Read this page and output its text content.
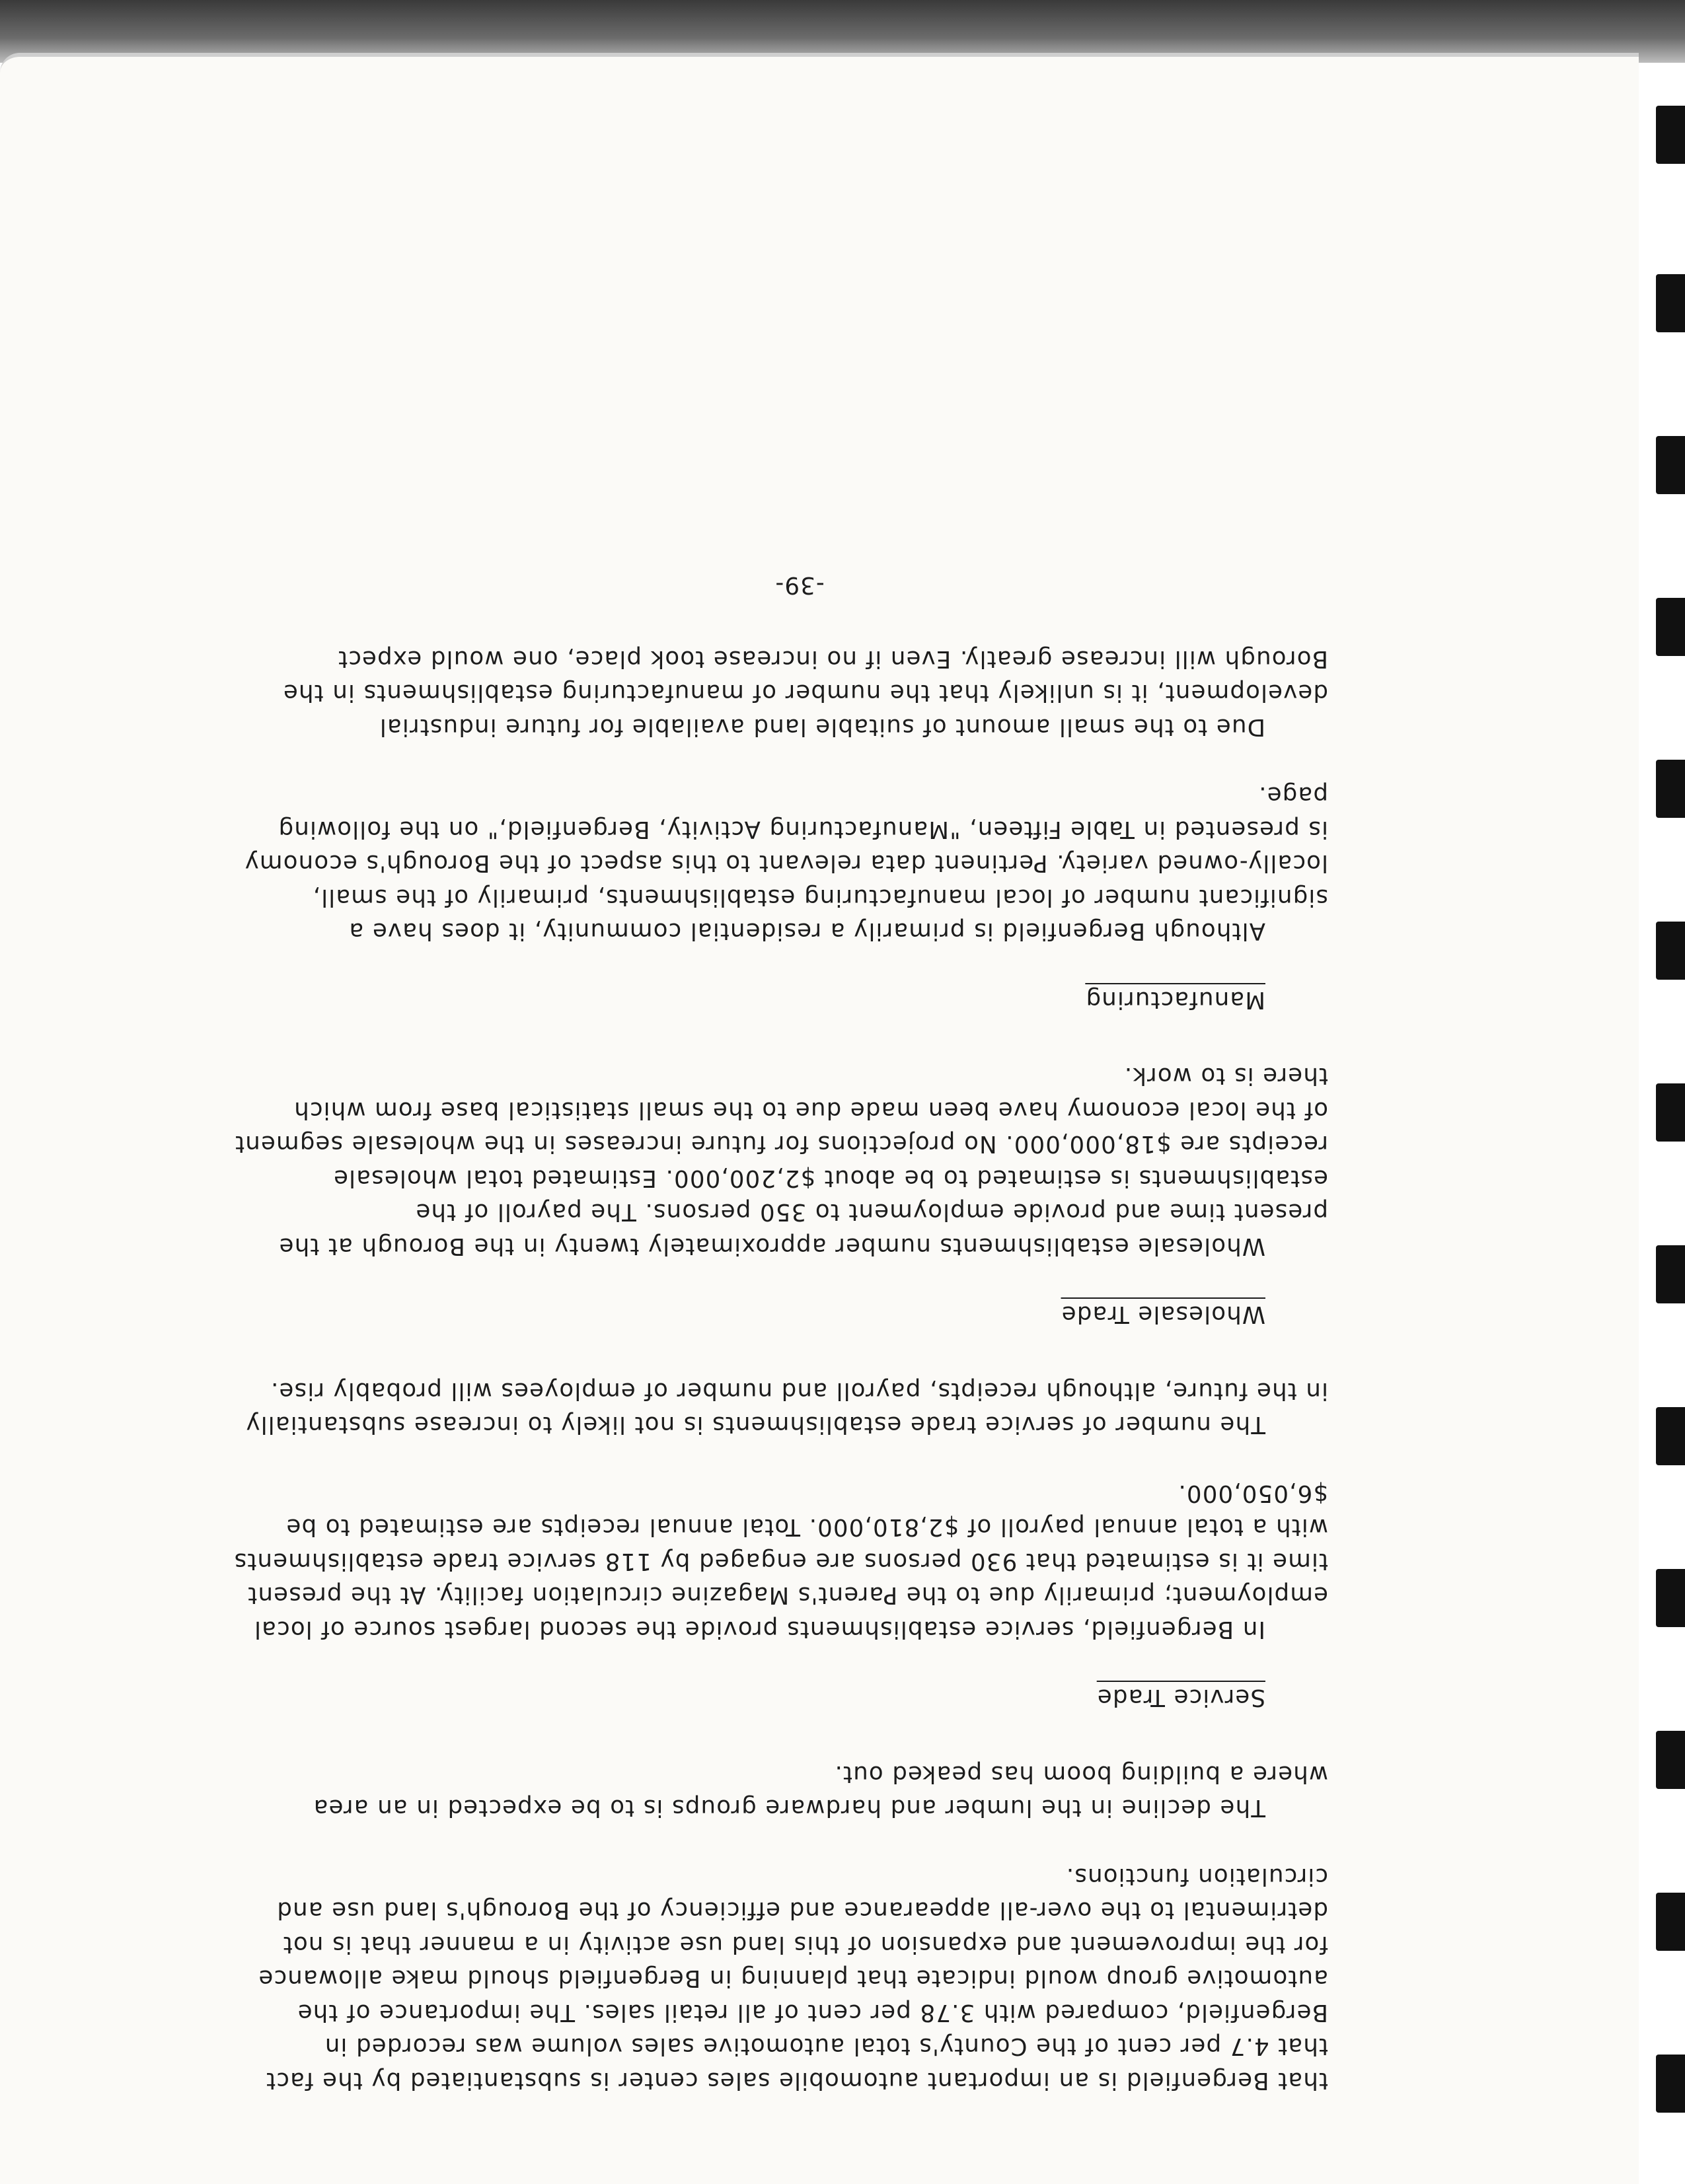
that Bergenfield is an important automobile sales center is substantiated by the fact that 4.7 per cent of the County's total automotive sales volume was recorded in Bergenfield, compared with 3.78 per cent of all retail sales. The importance of the automotive group would indicate that planning in Bergenfield should make allowance for the improvement and expansion of this land use activity in a manner that is not detrimental to the over-all appearance and efficiency of the Borough's land use and circulation functions.

The decline in the lumber and hardware groups is to be expected in an area where a building boom has peaked out.

Service Trade

In Bergenfield, service establishments provide the second largest source of local employment; primarily due to the Parent's Magazine circulation facility. At the present time it is estimated that 930 persons are engaged by 118 service trade establishments with a total annual payroll of $2,810,000. Total annual receipts are estimated to be $6,050,000.

The number of service trade establishments is not likely to increase substantially in the future, although receipts, payroll and number of employees will probably rise.

Wholesale Trade

Wholesale establishments number approximately twenty in the Borough at the present time and provide employment to 350 persons. The payroll of the establishments is estimated to be about $2,200,000. Estimated total wholesale receipts are $18,000,000. No projections for future increases in the wholesale segment of the local economy have been made due to the small statistical base from which there is to work.

Manufacturing

Although Bergenfield is primarily a residential community, it does have a significant number of local manufacturing establishments, primarily of the small, locally-owned variety. Pertinent data relevant to this aspect of the Borough's economy is presented in Table Fifteen, "Manufacturing Activity, Bergenfield," on the following page.

Due to the small amount of suitable land available for future industrial development, it is unlikely that the number of manufacturing establishments in the Borough will increase greatly. Even if no increase took place, one would expect

-39-
